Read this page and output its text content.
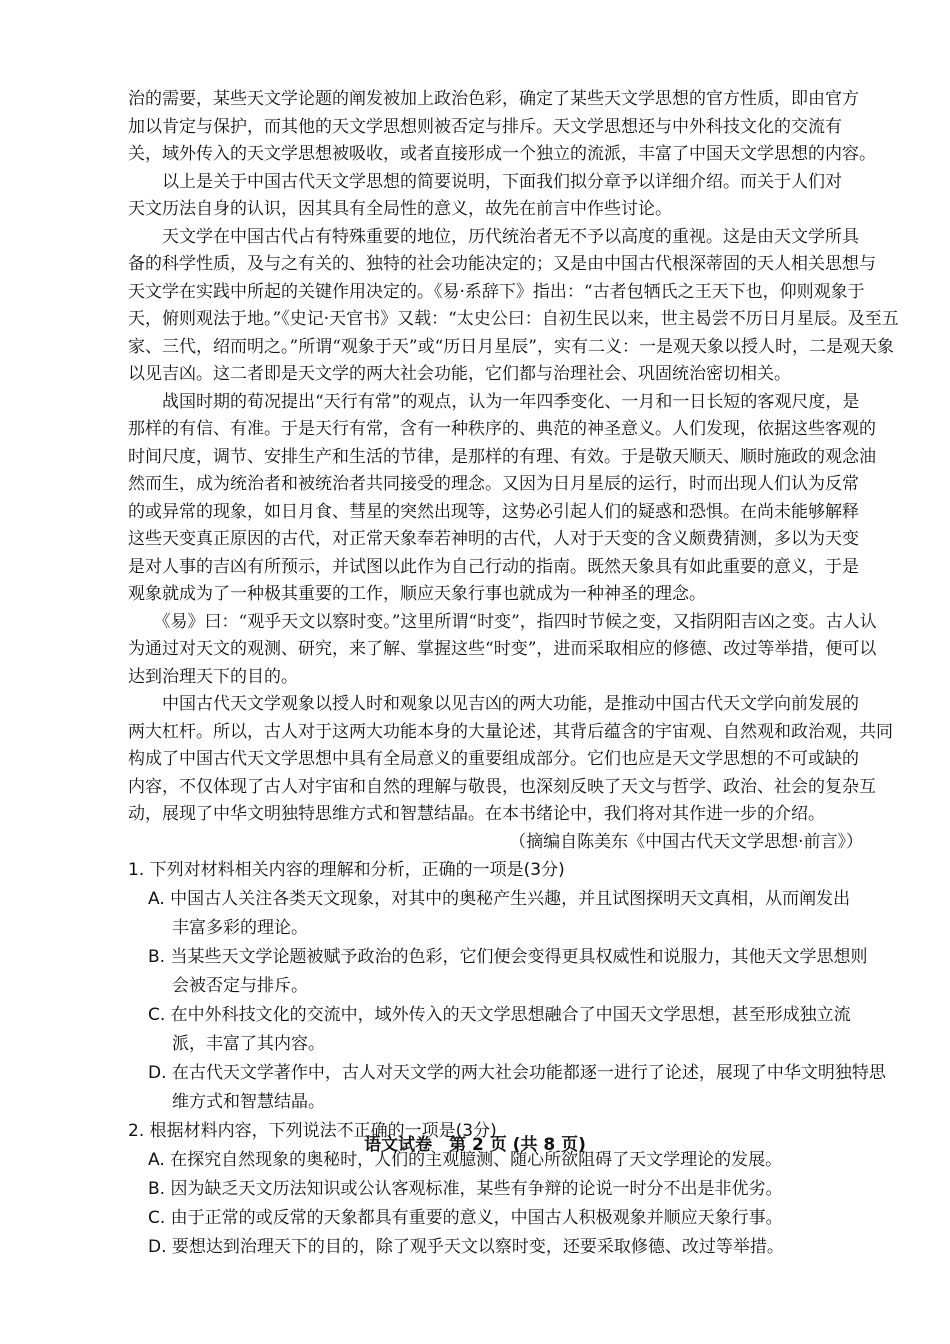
治的需要，某些天文学论题的阐发被加上政治色彩，确定了某些天文学思想的官方性质，即由官方
加以肯定与保护，而其他的天文学思想则被否定与排斥。天文学思想还与中外科技文化的交流有
关，域外传入的天文学思想被吸收，或者直接形成一个独立的流派，丰富了中国天文学思想的内容。

　　以上是关于中国古代天文学思想的简要说明，下面我们拟分章予以详细介绍。而关于人们对
天文历法自身的认识，因其具有全局性的意义，故先在前言中作些讨论。

　　天文学在中国古代占有特殊重要的地位，历代统治者无不予以高度的重视。这是由天文学所具
备的科学性质，及与之有关的、独特的社会功能决定的；又是由中国古代根深蒂固的天人相关思想与
天文学在实践中所起的关键作用决定的。《易·系辞下》指出：“古者包牺氏之王天下也，仰则观象于
天，俯则观法于地。”《史记·天官书》又载：“太史公曰：自初生民以来，世主曷尝不历日月星辰。及至五
家、三代，绍而明之。”所谓“观象于天”或“历日月星辰”，实有二义：一是观天象以授人时，二是观天象
以见吉凶。这二者即是天文学的两大社会功能，它们都与治理社会、巩固统治密切相关。

　　战国时期的荀况提出“天行有常”的观点，认为一年四季变化、一月和一日长短的客观尺度，是
那样的有信、有准。于是天行有常，含有一种秩序的、典范的神圣意义。人们发现，依据这些客观的
时间尺度，调节、安排生产和生活的节律，是那样的有理、有效。于是敬天顺天、顺时施政的观念油
然而生，成为统治者和被统治者共同接受的理念。又因为日月星辰的运行，时而出现人们认为反常
的或异常的现象，如日月食、彗星的突然出现等，这势必引起人们的疑惑和恐惧。在尚未能够解释
这些天变真正原因的古代，对正常天象奉若神明的古代，人对于天变的含义颇费猜测，多以为天变
是对人事的吉凶有所预示，并试图以此作为自己行动的指南。既然天象具有如此重要的意义，于是
观象就成为了一种极其重要的工作，顺应天象行事也就成为一种神圣的理念。

　　《易》曰：“观乎天文以察时变。”这里所谓“时变”，指四时节候之变，又指阴阳吉凶之变。古人认
为通过对天文的观测、研究，来了解、掌握这些“时变”，进而采取相应的修德、改过等举措，便可以
达到治理天下的目的。

　　中国古代天文学观象以授人时和观象以见吉凶的两大功能，是推动中国古代天文学向前发展的
两大杠杆。所以，古人对于这两大功能本身的大量论述，其背后蕴含的宇宙观、自然观和政治观，共同
构成了中国古代天文学思想中具有全局意义的重要组成部分。它们也应是天文学思想的不可或缺的
内容，不仅体现了古人对宇宙和自然的理解与敬畏，也深刻反映了天文与哲学、政治、社会的复杂互
动，展现了中华文明独特思维方式和智慧结晶。在本书绪论中，我们将对其作进一步的介绍。

（摘编自陈美东《中国古代天文学思想·前言》）

1. 下列对材料相关内容的理解和分析，正确的一项是(3分)

A. 中国古人关注各类天文现象，对其中的奥秘产生兴趣，并且试图探明天文真相，从而阐发出
丰富多彩的理论。
B. 当某些天文学论题被赋予政治的色彩，它们便会变得更具权威性和说服力，其他天文学思想则
会被否定与排斥。
C. 在中外科技文化的交流中，域外传入的天文学思想融合了中国天文学思想，甚至形成独立流
派，丰富了其内容。
D. 在古代天文学著作中，古人对天文学的两大社会功能都逐一进行了论述，展现了中华文明独特思
维方式和智慧结晶。

2. 根据材料内容，下列说法不正确的一项是(3分)

A. 在探究自然现象的奥秘时，人们的主观臆测、随心所欲阻碍了天文学理论的发展。
B. 因为缺乏天文历法知识或公认客观标准，某些有争辩的论说一时分不出是非优劣。
C. 由于正常的或反常的天象都具有重要的意义，中国古人积极观象并顺应天象行事。
D. 要想达到治理天下的目的，除了观乎天文以察时变，还要采取修德、改过等举措。
语文试卷　第 2 页 (共 8 页)
